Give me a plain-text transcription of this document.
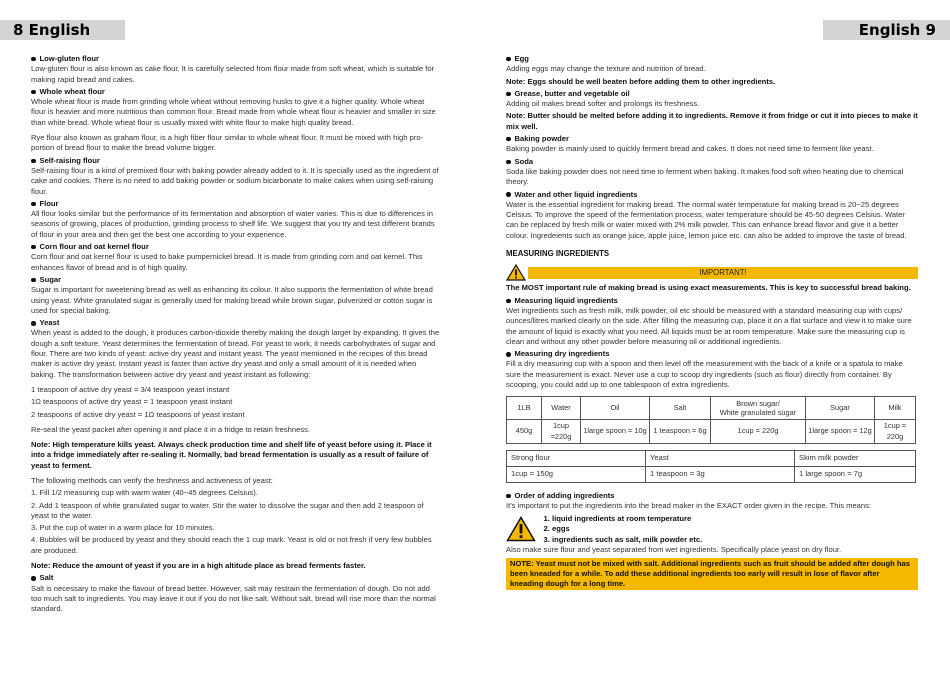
8 English	English 9
Low-gluten flour

Low-gluten flour is also known as cake flour. It is carefully selected from flour made from soft wheat, which is suitable for making rapid bread and cakes.

Whole wheat flour

Whole wheat flour is made from grinding whole wheat without removing husks to give it a higher quality. Whole wheat flour is heavier and more nutritious than common flour. Bread made from whole wheat flour is heavier and smaller in size than white bread. Whole wheat flour is usually mixed with white flour to make high quality bread.

Rye flour also known as graham flour, is a high fiber flour similar to whole wheat flour. It must be mixed with high pro-portion of bread flour to make the bread volume bigger.

Self-raising flour

Self-raising flour is a kind of premixed flour with baking powder already added to it. It is specially used as the ingredient of cake and cookies. There is no need to add baking powder or sodium bicarbonate to make cakes when using self-raising flour.

Flour

All flour looks similar but the performance of its fermentation and absorption of water varies. This is due to differences in seasons of growing, places of production, grinding process to shelf life. We suggest that you try and test different brands of flour in your area and then get the best one according to your experience.

Corn flour and oat kernel flour

Corn flour and oat kernel flour is used to bake pumpernickel bread. It is made from grinding corn and oat kernel. This enhances flavor of bread and is of high quality.

Sugar

Sugar is important for sweetening bread as well as enhancing its colour. It also supports the fermentation of white bread using yeast. White granulated sugar is generally used for making bread while brown sugar, pulverized or cotton sugar is used for special baking.

Yeast

When yeast is added to the dough, it produces carbon-dioxide thereby making the dough larger by expanding. It gives the dough a soft texture. Yeast determines the fermentation of bread. For yeast to work, it needs carbohydrates of sugar and flour. There are two kinds of yeast: active dry yeast and instant yeast. The yeast mentioned in the recipes of this bread maker is active dry yeast. Instant yeast is faster than active dry yeast and only a small amount of it is needed when baking. The transformation between active dry yeast and yeast instant as following:

1 teaspoon of active dry yeast = 3/4 teaspoon yeast instant

1Ω teaspoons of active dry yeast = 1 teaspoon yeast instant

2 teaspoons of active dry yeast = 1Ω teaspoons of yeast instant

Re-seal the yeast packet after opening it and place it in a fridge to retain freshness.

Note: High temperature kills yeast. Always check production time and shelf life of yeast before using it. Place it into a fridge immediately after re-sealing it. Normally, bad bread fermentation is usually as a result of failure of yeast to ferment.

The following methods can verify the freshness and activeness of yeast:

1. Fill 1/2 measuring cup with warm water (40~45 degrees Celsius).

2. Add 1 teaspoon of white granulated sugar to water. Stir the water to dissolve the sugar and then add 2 teaspoon of yeast to the water.

3. Put the cup of water in a warm place for 10 minutes.

4. Bubbles will be produced by yeast and they should reach the 1 cup mark. Yeast is old or not fresh if very few bubbles are produced.

Note: Reduce the amount of yeast if you are in a high altitude place as bread ferments faster.

Salt

Salt is necessary to make the flavour of bread better. However, salt may restrain the fermentation of dough. Do not add too much salt to ingredients. You may leave it out if you do not like salt. Without salt, bread will rise more than the normal standard.

Egg

Adding eggs may change the texture and nutrition of bread.

Note: Eggs should be well beaten before adding them to other ingredients.

Grease, butter and vegetable oil

Adding oil makes bread softer and prolongs its freshness.

Note: Butter should be melted before adding it to ingredients. Remove it from fridge or cut it into pieces to make it mix well.

Baking powder

Baking powder is mainly used to quickly ferment bread and cakes. It does not need time to ferment like yeast.

Soda

Soda like baking powder does not need time to ferment when baking. It makes food soft when heating due to chemical theory.

Water and other liquid ingredients

Water is the essential ingredient for making bread. The normal water temperature for making bread is 20~25 degrees Celsius. To improve the speed of the fermentation process, water temperature should be 45-50 degrees Celsius. Water can be replaced by fresh milk or water mixed with 2% milk powder. This can enhance bread flavor and give it a better colour. Ingredeients such as orange juice, apple juice, lemon juice etc. can also be added to improve the taste of bread.

MEASURING INGREDIENTS
IMPORTANT!

The MOST important rule of making bread is using exact measurements. This is key to successful bread baking.

Measuring liquid ingredients

Wet ingredients such as fresh milk, milk powder, oil etc should be measured with a standard measuring cup with cups/ ounces/litres marked clearly on the side. After filling the measuring cup, place it on a flat surface and view it to make sure the amount of liquid is exactly what you need. All liquids must be at room temperature. Make sure the measuring cup is clean and without any other powder before measuring oil or additional ingredients.

Measuring dry ingredients

Fill a dry measuring cup with a spoon and then level off the measurement with the back of a knife or a spatula to make sure the measurement is exact. Never use a cup to scoop dry ingredients (such as flour) directly from container. By scooping, you could add up to one tablespoon of extra ingredients.

1LB	Water	Oil	Salt	Brown sugar/
White granulated sugar	Sugar	Milk
450g	1cup =220g	1large spoon = 10g	1 teaspoon = 6g	1cup = 220g	1large spoon = 12g	1cup = 220g
Strong flour	Yeast	Skim milk powder
1cup = 150g	1 teaspoon = 3g	1 large spoon = 7g
Order of adding ingredients

It's important to put the ingredients into the bread maker in the EXACT order given in the recipe. This means:

1. liquid ingredients at room temperature
2. eggs
3. ingredients such as salt, milk powder etc.

Also make sure flour and yeast separated from wet ingredients. Specifically place yeast on dry flour.

NOTE: Yeast must not be mixed with salt. Additional ingredients such as fruit should be added after dough has been kneaded for a while. To add these additional ingredients too early will result in lose of flavor after kneading dough for a long time.
